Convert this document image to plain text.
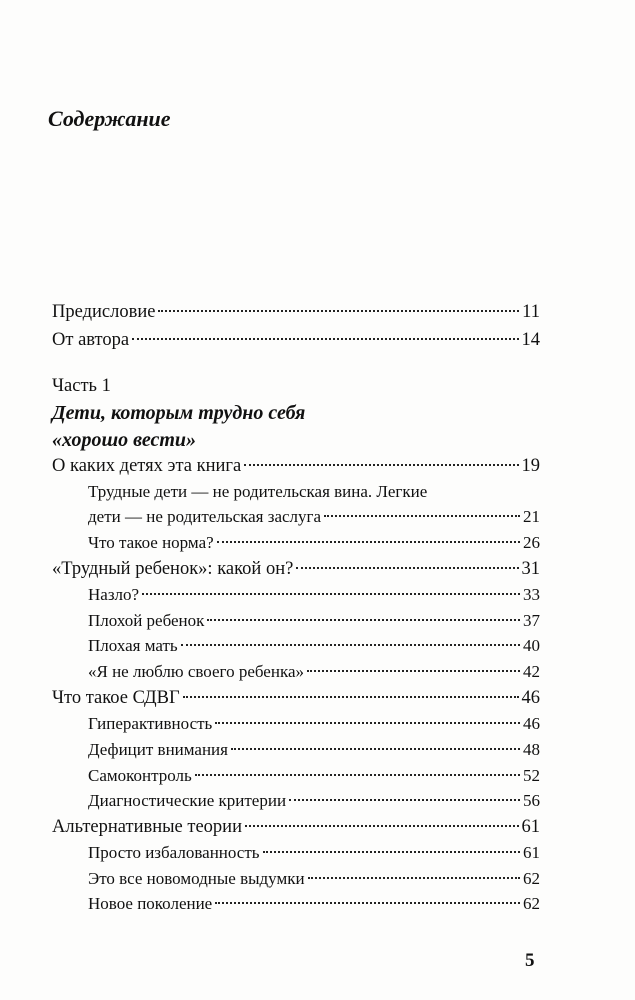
Содержание
Предисловие	11
От автора	14
Часть 1
Дети, которым трудно себя
«хорошо вести»
О каких детях эта книга	19
Трудные дети — не родительская вина. Легкие
дети — не родительская заслуга	21
Что такое норма?	26
«Трудный ребенок»: какой он?	31
Назло?	33
Плохой ребенок	37
Плохая мать	40
«Я не люблю своего ребенка»	42
Что такое СДВГ	46
Гиперактивность	46
Дефицит внимания	48
Самоконтроль	52
Диагностические критерии	56
Альтернативные теории	61
Просто избалованность	61
Это все новомодные выдумки	62
Новое поколение	62
5
